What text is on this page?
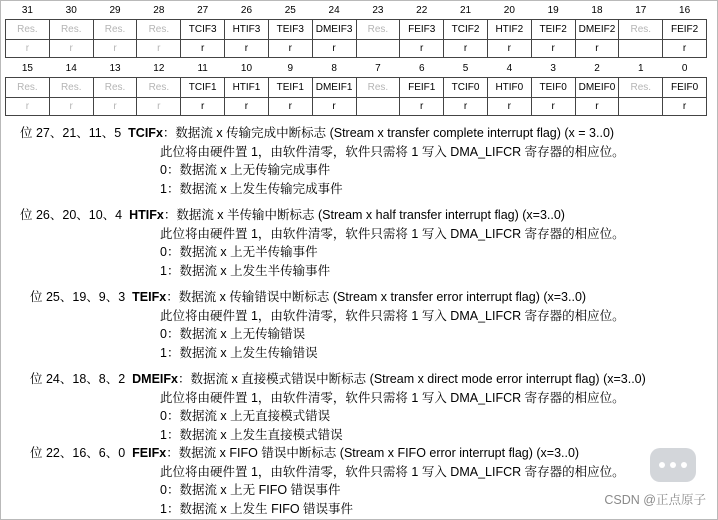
31	30	29	28	27	26	25	24	23	22	21	20	19	18	17	16
Res.	Res.	Res.	Res.	TCIF3	HTIF3	TEIF3	DMEIF3	Res.	FEIF3	TCIF2	HTIF2	TEIF2	DMEIF2	Res.	FEIF2
r	r	r	r	r	r	r	r		r	r	r	r	r		r
15	14	13	12	11	10	9	8	7	6	5	4	3	2	1	0
Res.	Res.	Res.	Res.	TCIF1	HTIF1	TEIF1	DMEIF1	Res.	FEIF1	TCIF0	HTIF0	TEIF0	DMEIF0	Res.	FEIF0
r	r	r	r	r	r	r	r		r	r	r	r	r		r
位 27、21、11、5 TCIFx：数据流 x 传输完成中断标志 (Stream x transfer complete interrupt flag) (x = 3..0)
此位将由硬件置 1，由软件清零，软件只需将 1 写入 DMA_LIFCR 寄存器的相应位。
0：数据流 x 上无传输完成事件
1：数据流 x 上发生传输完成事件
位 26、20、10、4 HTIFx：数据流 x 半传输中断标志 (Stream x half transfer interrupt flag) (x=3..0)
此位将由硬件置 1，由软件清零，软件只需将 1 写入 DMA_LIFCR 寄存器的相应位。
0：数据流 x 上无半传输事件
1：数据流 x 上发生半传输事件
位 25、19、9、3 TEIFx：数据流 x 传输错误中断标志 (Stream x transfer error interrupt flag) (x=3..0)
此位将由硬件置 1，由软件清零，软件只需将 1 写入 DMA_LIFCR 寄存器的相应位。
0：数据流 x 上无传输错误
1：数据流 x 上发生传输错误
位 24、18、8、2 DMEIFx：数据流 x 直接模式错误中断标志 (Stream x direct mode error interrupt flag) (x=3..0)
此位将由硬件置 1，由软件清零，软件只需将 1 写入 DMA_LIFCR 寄存器的相应位。
0：数据流 x 上无直接模式错误
1：数据流 x 上发生直接模式错误
位 22、16、6、0 FEIFx：数据流 x FIFO 错误中断标志 (Stream x FIFO error interrupt flag) (x=3..0)
此位将由硬件置 1，由软件清零，软件只需将 1 写入 DMA_LIFCR 寄存器的相应位。
0：数据流 x 上无 FIFO 错误事件
1：数据流 x 上发生 FIFO 错误事件
CSDN @正点原子
